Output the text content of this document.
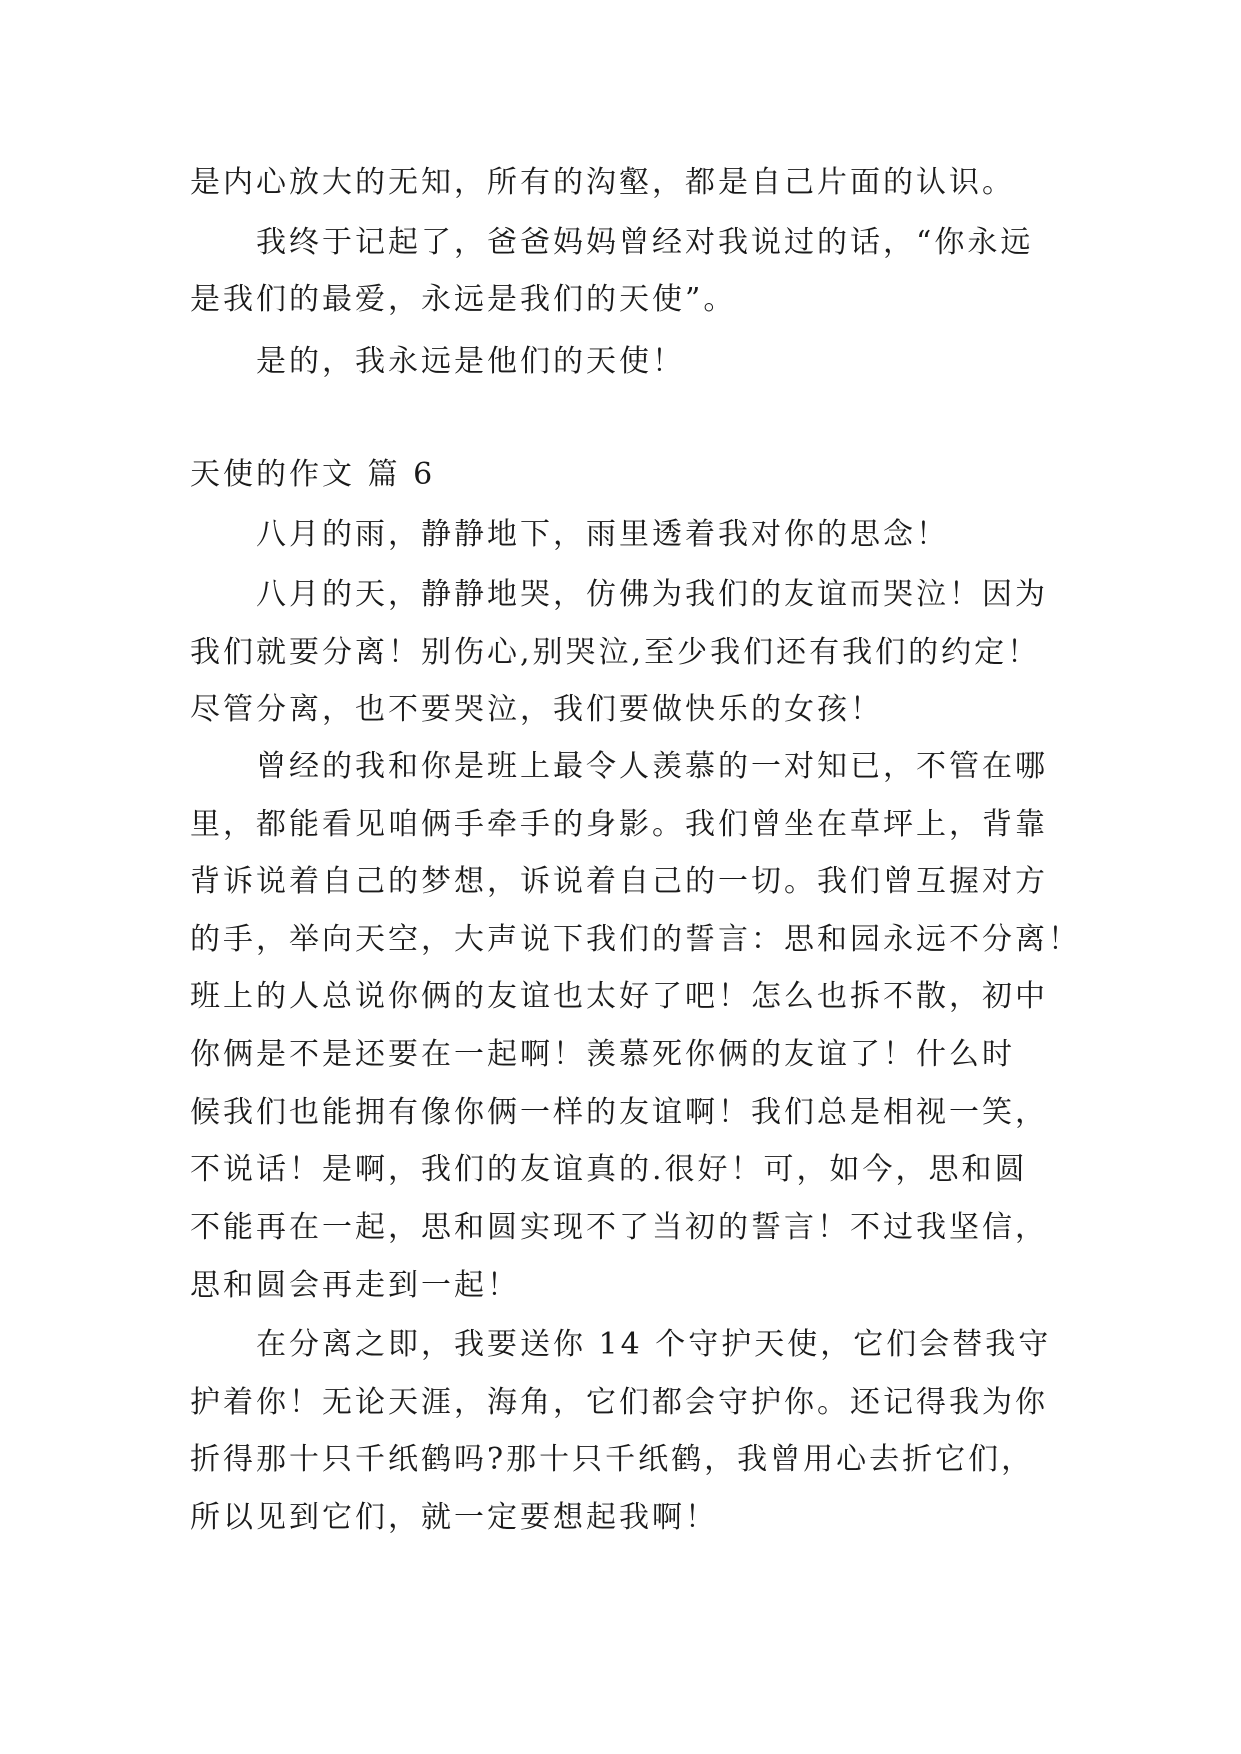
是内心放大的无知，所有的沟壑，都是自己片面的认识。
我终于记起了，爸爸妈妈曾经对我说过的话，“你永远
是我们的最爱，永远是我们的天使”。
是的，我永远是他们的天使！
天使的作文 篇 6
八月的雨，静静地下，雨里透着我对你的思念！
八月的天，静静地哭，仿佛为我们的友谊而哭泣！因为
我们就要分离！别伤心,别哭泣,至少我们还有我们的约定！
尽管分离，也不要哭泣，我们要做快乐的女孩！
曾经的我和你是班上最令人羡慕的一对知已，不管在哪
里，都能看见咱俩手牵手的身影。我们曾坐在草坪上，背靠
背诉说着自己的梦想，诉说着自己的一切。我们曾互握对方
的手，举向天空，大声说下我们的誓言：思和园永远不分离！
班上的人总说你俩的友谊也太好了吧！怎么也拆不散，初中
你俩是不是还要在一起啊！羡慕死你俩的友谊了！什么时
候我们也能拥有像你俩一样的友谊啊！我们总是相视一笑，
不说话！是啊，我们的友谊真的.很好！可，如今，思和圆
不能再在一起，思和圆实现不了当初的誓言！不过我坚信，
思和圆会再走到一起！
在分离之即，我要送你 14 个守护天使，它们会替我守
护着你！无论天涯，海角，它们都会守护你。还记得我为你
折得那十只千纸鹤吗?那十只千纸鹤，我曾用心去折它们，
所以见到它们，就一定要想起我啊！
